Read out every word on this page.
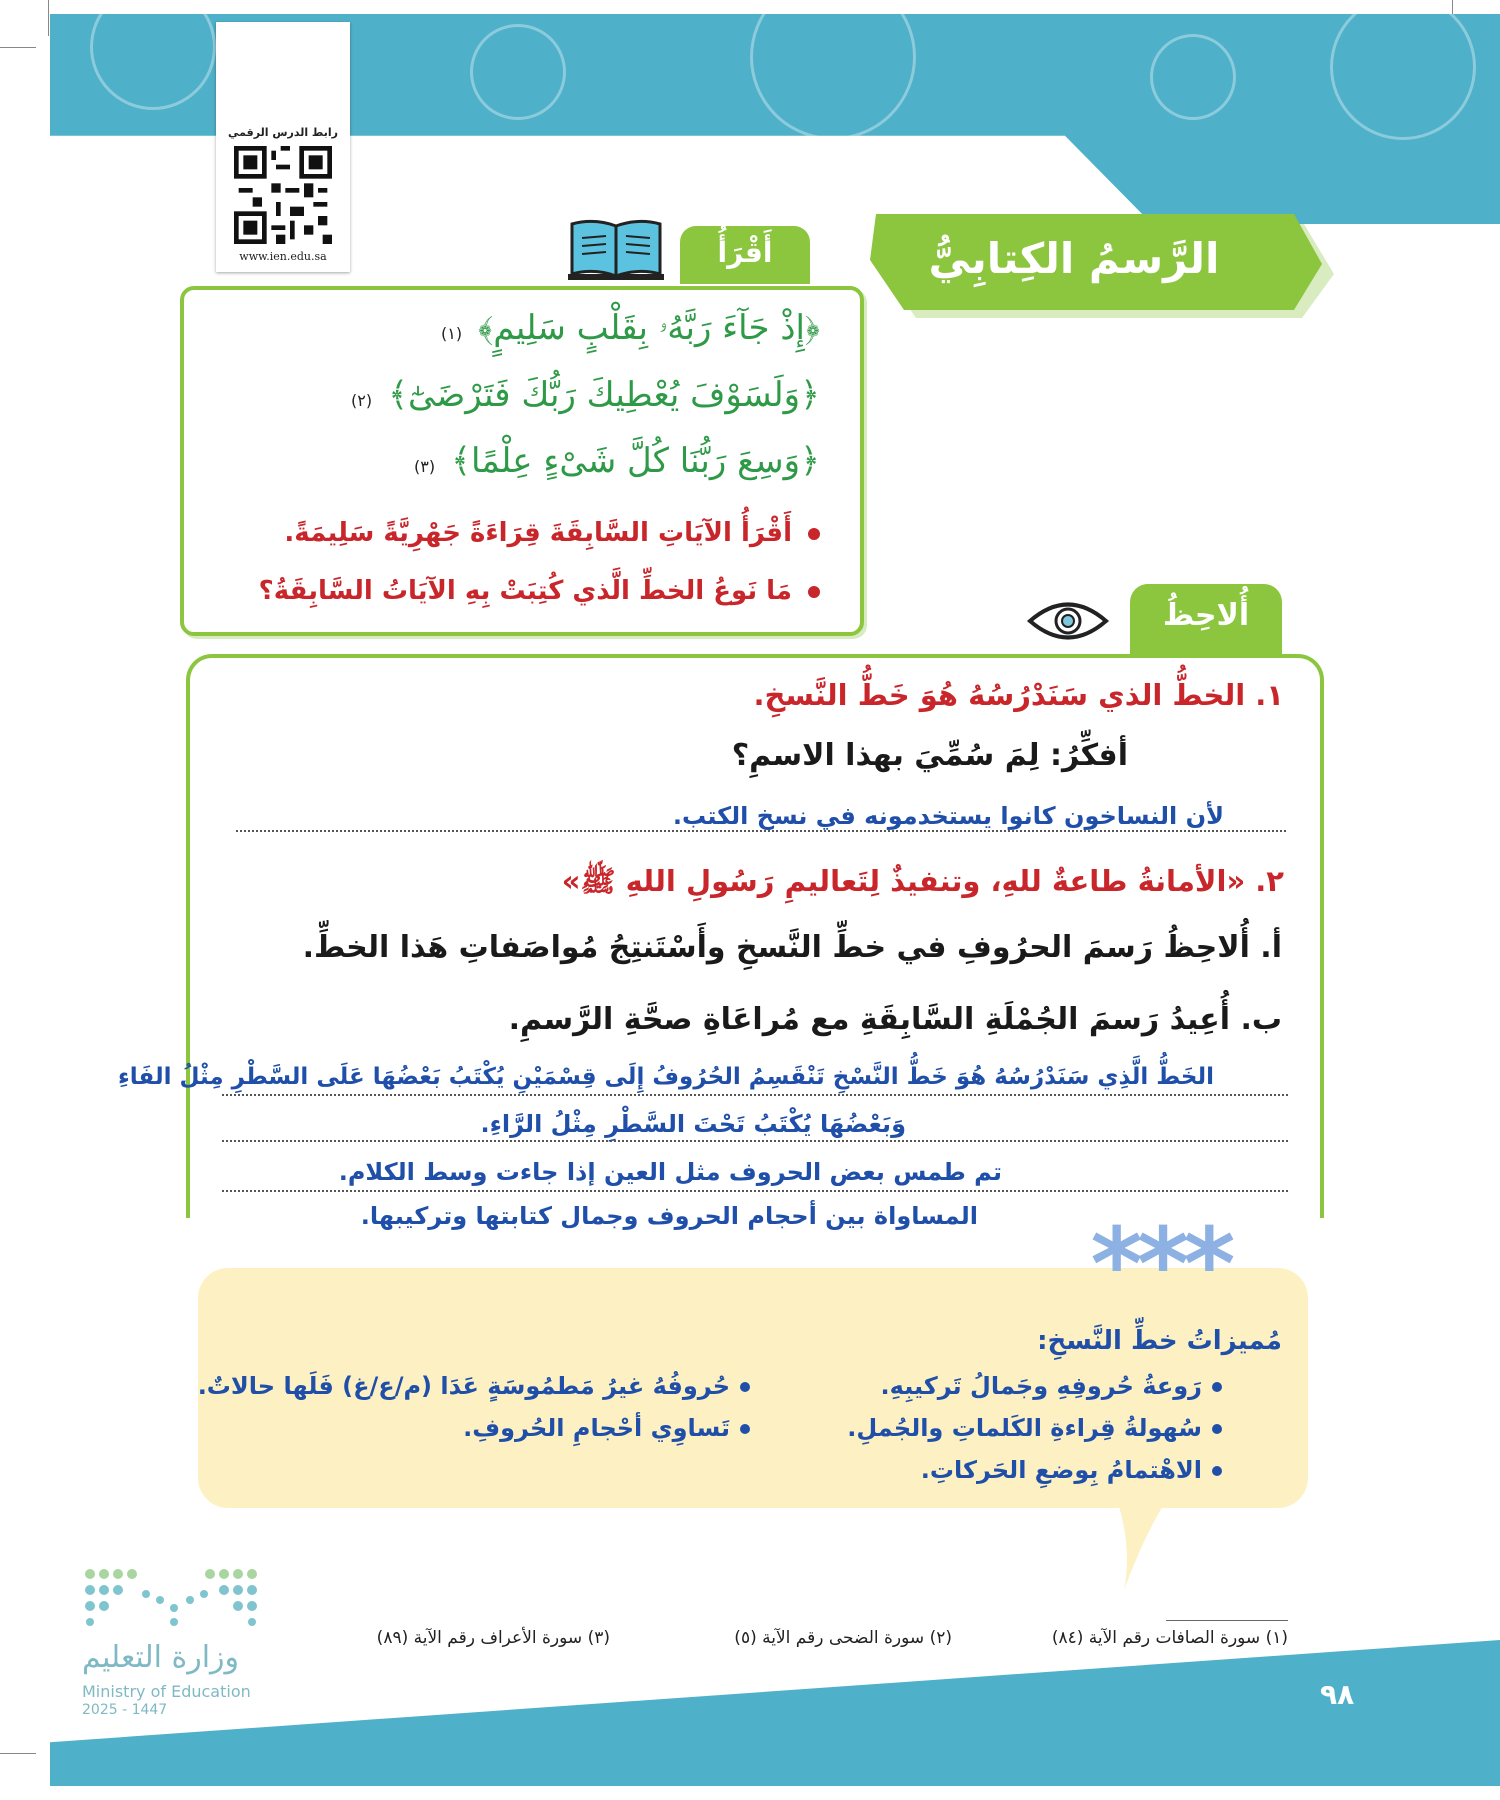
رابط الدرس الرقمي
www.ien.edu.sa	الرَّسمُ الكِتابِيُّ
أَقْرَأُ
﴿إِذْ جَآءَ رَبَّهُۥ بِقَلْبٍ سَلِيمٍ﴾(١)
﴿وَلَسَوْفَ يُعْطِيكَ رَبُّكَ فَتَرْضَىٰٓ﴾(٢)
﴿وَسِعَ رَبُّنَا كُلَّ شَىْءٍ عِلْمًا﴾(٣)
أَقْرَأُ الآيَاتِ السَّابِقَةَ قِرَاءَةً جَهْرِيَّةً سَلِيمَةً.
مَا نَوعُ الخطِّ الَّذي كُتِبَتْ بِهِ الآيَاتُ السَّابِقَةُ؟
أُلاحِظُ
١. الخطُّ الذي سَنَدْرُسُهُ هُوَ خَطُّ النَّسخِ.
أفكِّرُ: لِمَ سُمِّيَ بهذا الاسمِ؟
لأن النساخون كانوا يستخدمونه في نسخ الكتب.
٢. «الأمانةُ طاعةٌ للهِ، وتنفيذٌ لِتَعاليمِ رَسُولِ اللهِ ﷺ»
أ. أُلاحِظُ رَسمَ الحرُوفِ في خطِّ النَّسخِ وأَسْتَنتِجُ مُواصَفاتِ هَذا الخطِّ.
ب. أُعِيدُ رَسمَ الجُمْلَةِ السَّابِقَةِ مع مُراعَاةِ صحَّةِ الرَّسمِ.
الخَطُّ الَّذِي سَنَدْرُسُهُ هُوَ خَطُّ النَّسْخِ تَنْقَسِمُ الحُرُوفُ إِلَى قِسْمَيْنِ يُكْتَبُ بَعْضُهَا عَلَى السَّطْرِ مِثْلُ الفَاءِ
وَبَعْضُهَا يُكْتَبُ تَحْتَ السَّطْرِ مِثْلُ الرَّاءِ.
تم طمس بعض الحروف مثل العين إذا جاءت وسط الكلام.
المساواة بين أحجام الحروف وجمال كتابتها وتركيبها.	***
مُميزاتُ خطِّ النَّسخِ:
رَوعةُ حُروفِهِ وجَمالُ تَركيبِهِ.
سُهولةُ قِراءةِ الكَلماتِ والجُملِ.
الاهْتمامُ بِوضعِ الحَركاتِ.
حُروفُهُ غيرُ مَطمُوسَةٍ عَدَا (م/ع/غ) فَلَها حالاتٌ.
تَساوِي أحْجامِ الحُروفِ.
وزارة التعليم
Ministry of Education
2025 - 1447
(١) سورة الصافات رقم الآية (٨٤)
(٢) سورة الضحى رقم الآية (٥)
(٣) سورة الأعراف رقم الآية (٨٩)
٩٨
